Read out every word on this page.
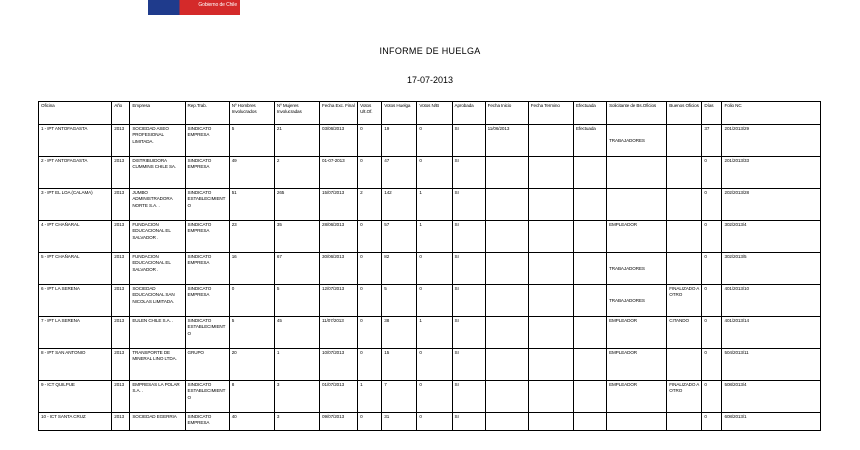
Gobierno de Chile
INFORME DE HUELGA
17-07-2013
Oficina	Año	Empresa	Rep.Trab.	Nº Hombres Involucrados	Nº Mujeres Involucradas	Fecha Exc. Final	Votos Ult.Of.	Votos Huelga	Votos N/B	Aprobada	Fecha Inicio	Fecha Termino	Efectuada	Solicitante de Bs.Oficios	Buenos Oficios	Días	Folio NC
1 - IPT ANTOFAGASTA	2013	SOCIEDAD ASEO PROFESIONAL LIMITADA.	SINDICATO EMPRESA	5	21	03/06/2013	0	19	0	SI	11/06/2013		Efectuada	TRABAJADORES		37	201/2013/29
2 - IPT ANTOFAGASTA	2013	DISTRIBUIDORA CUMMINS CHILE SA.	SINDICATO EMPRESA	49	2	01-07-2013	0	47	0	SI						0	201/2013/33
3 - IPT EL LOA (CALAMA)	2013	JUMBO ADMINISTRADORA NORTE S.A. .	SINDICATO ESTABLECIMIENTO	51	265	15/07/2013	2	142	1	SI						0	202/2013/28
4 - IPT CHAÑARAL	2013	FUNDACION EDUCACIONAL EL SALVADOR .	SINDICATO EMPRESA	23	35	28/06/2013	0	57	1	SI				EMPLEADOR		0	302/2013/4
5 - IPT CHAÑARAL	2013	FUNDACION EDUCACIONAL EL SALVADOR .	SINDICATO EMPRESA	16	67	30/06/2013	0	82	0	SI				TRABAJADORES		0	302/2013/5
6 - IPT LA SERENA	2013	SOCIEDAD EDUCACIONAL SAN NICOLAS LIMITADA.	SINDICATO EMPRESA	0	5	12/07/2013	0	5	0	SI				TRABAJADORES	FINALIZADO A OTRO	0	401/2013/10
7 - IPT LA SERENA	2013	EULEN CHILE S.A. .	SINDICATO ESTABLECIMIENTO	5	45	11/07/2013	0	38	1	SI				EMPLEADOR	CITANDO	0	401/2013/14
8 - IPT SAN ANTONIO	2013	TRANSPORTE DE MINERAL LINO LTDA.	GRUPO	20	1	10/07/2013	0	15	0	SI				EMPLEADOR		0	504/2013/11
9 - ICT QUILPUE	2013	EMPRESAS LA POLAR S.A. .	SINDICATO ESTABLECIMIENTO	8	3	01/07/2013	1	7	0	SI				EMPLEADOR	FINALIZADO A OTRO	0	508/2013/4
10 - ICT SANTA CRUZ	2013	SOCIEDAD EGERRIA	SINDICATO EMPRESA	40	3	09/07/2013	0	31	0	SI						0	608/2013/1
